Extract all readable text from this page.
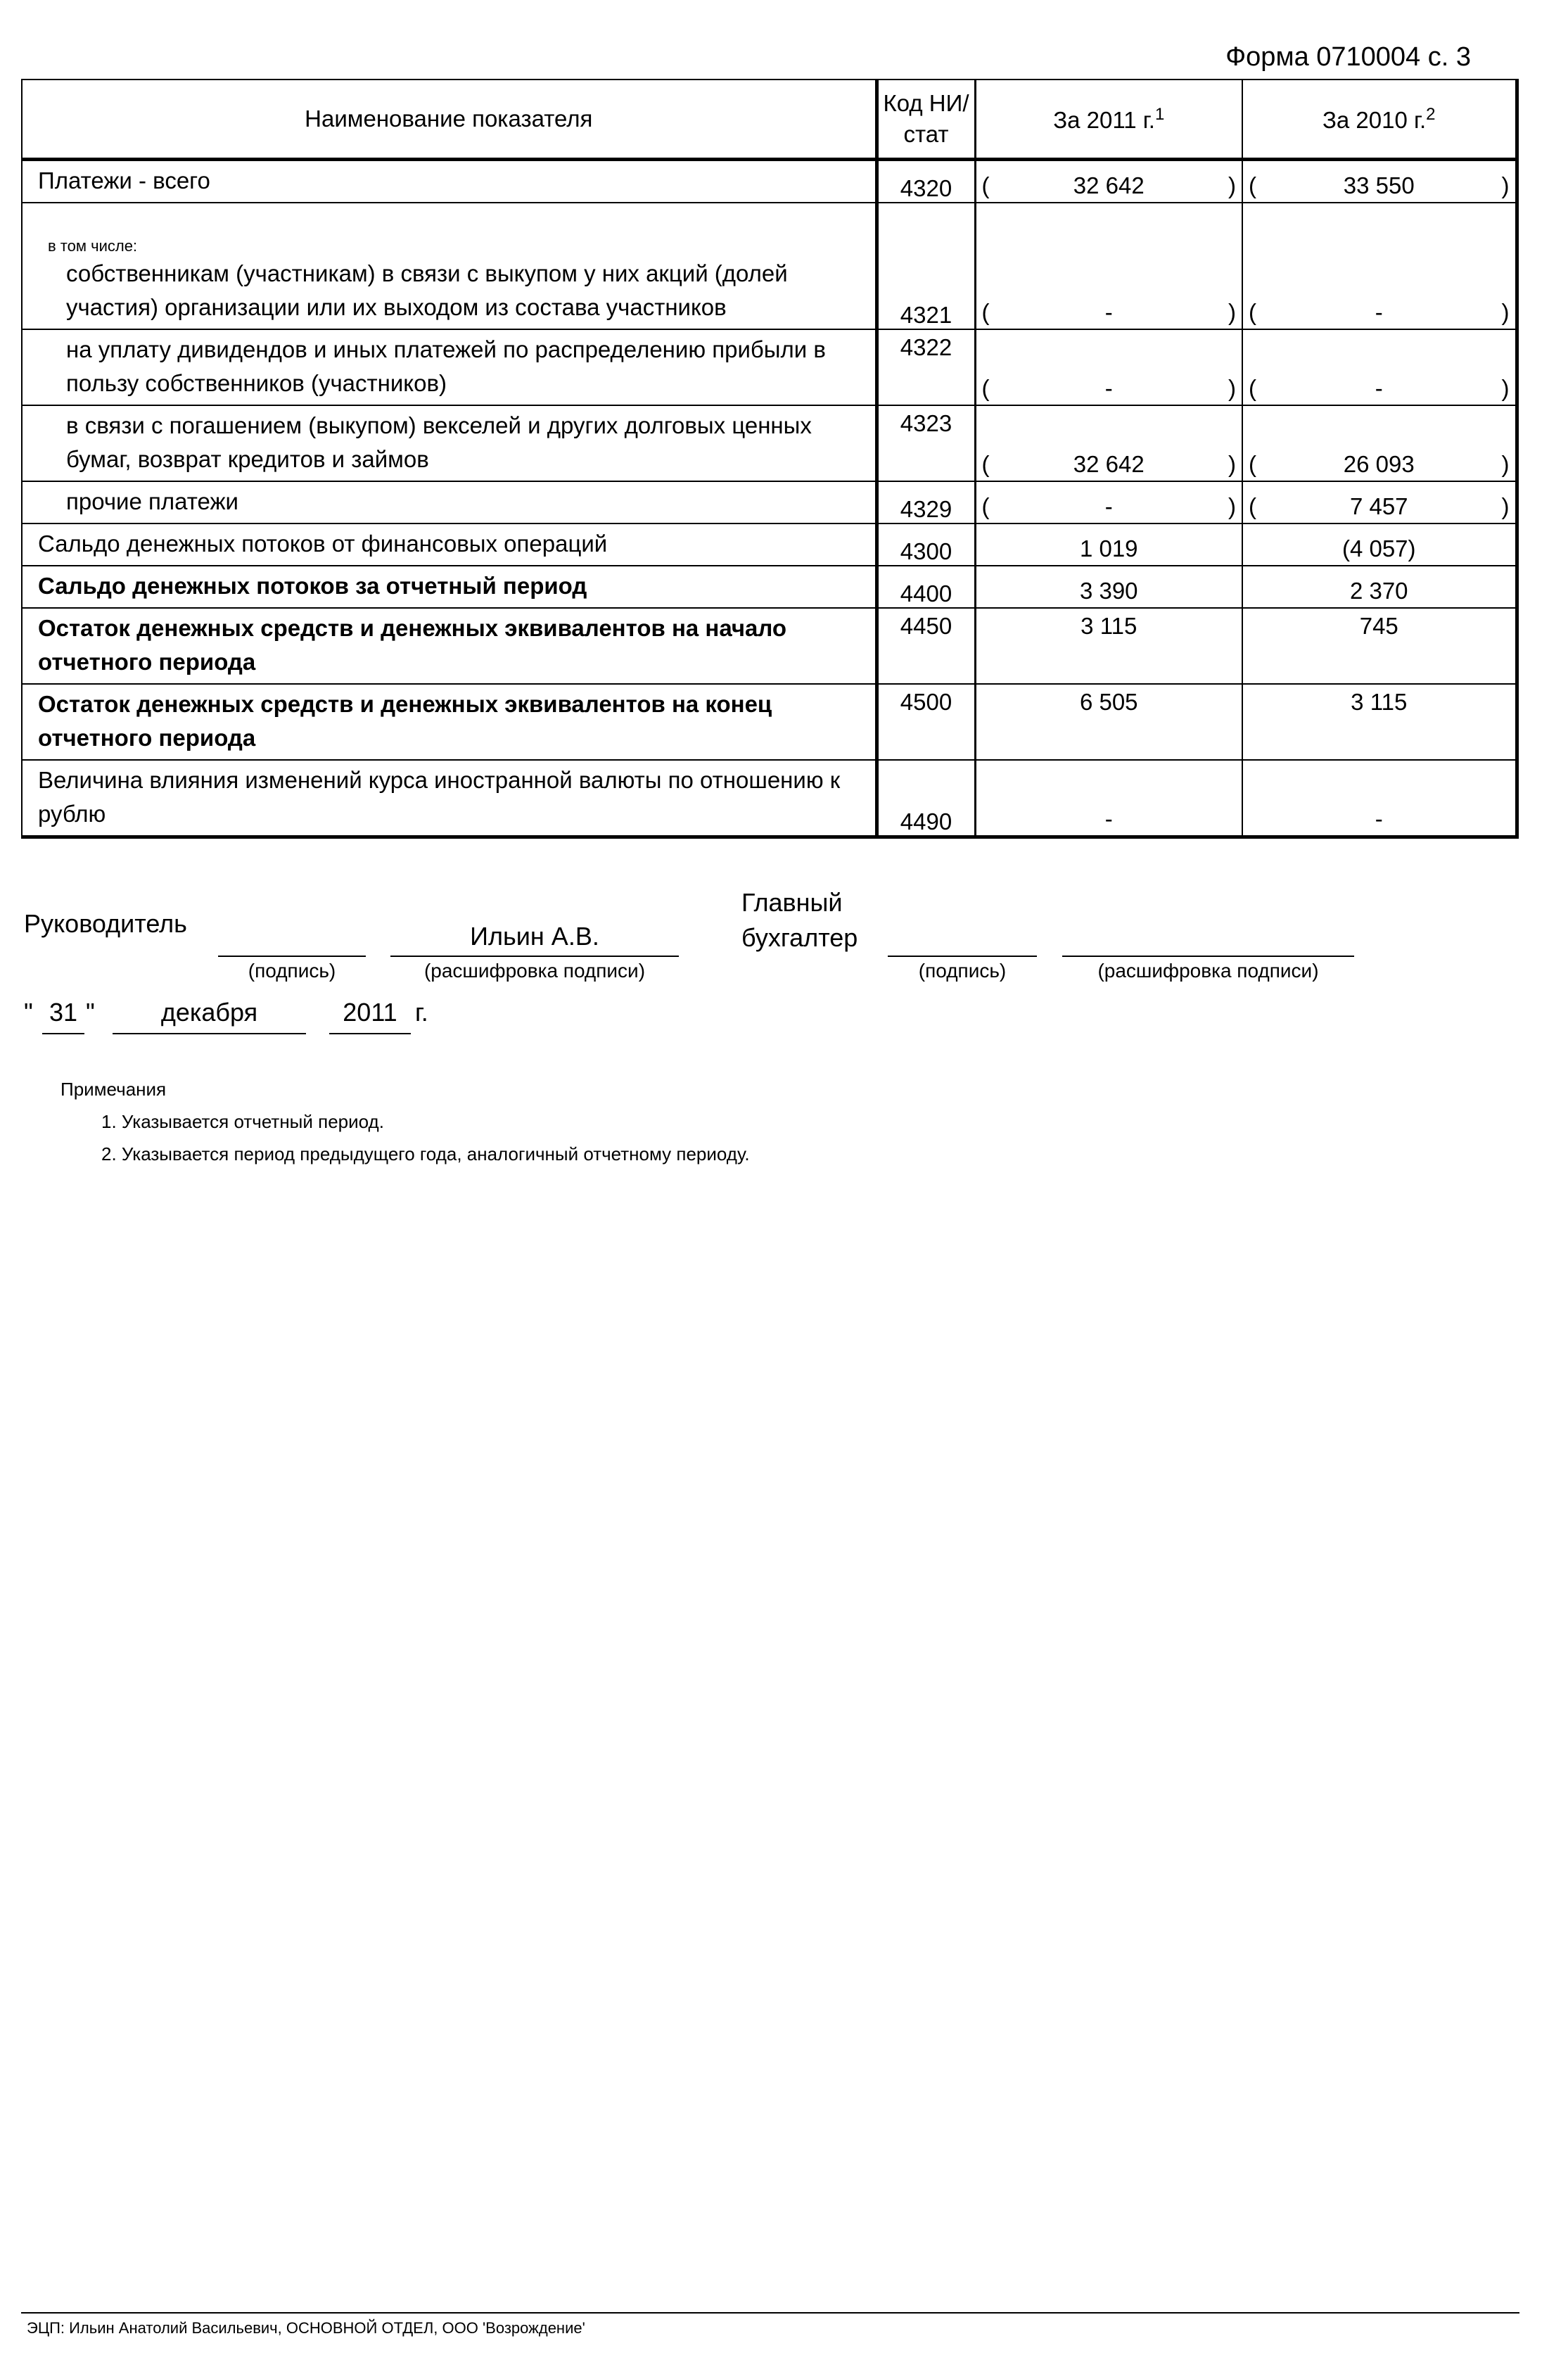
Форма 0710004 с. 3
Наименование показателя	Код НИ/ стат	За 2011 г.$^1$	За 2010 г.$^2$
Платежи - всего	4320	( 32 642 )	( 33 550 )

в том числе:
собственникам (участникам) в связи с выкупом у них акций (долей участия) организации или их выходом из состава участников	4321	( - )	( - )

на уплату дивидендов и иных платежей по распределению прибыли в пользу собственников (участников)	4322	( - )	( - )

в связи с погашением (выкупом) векселей и других долговых ценных бумаг, возврат кредитов и займов	4323	( 32 642 )	( 26 093 )

прочие платежи	4329	( - )	( 7 457 )

Сальдо денежных потоков от финансовых операций	4300	1 019	(4 057)
Сальдо денежных потоков за отчетный период	4400	3 390	2 370
Остаток денежных средств и денежных эквивалентов на начало отчетного периода	4450	3 115	745
Остаток денежных средств и денежных эквивалентов на конец отчетного периода	4500	6 505	3 115
Величина влияния изменений курса иностранной валюты по отношению к рублю	4490	-	-
Руководитель
(подпись)
Ильин А.В.
(расшифровка подписи)
Главный
бухгалтер
(подпись)	(расшифровка подписи)
" 31 "	декабря	2011 г.
Примечания
1. Указывается отчетный период.
2. Указывается период предыдущего года, аналогичный отчетному периоду.
ЭЦП: Ильин Анатолий Васильевич, ОСНОВНОЙ ОТДЕЛ, ООО 'Возрождение'
